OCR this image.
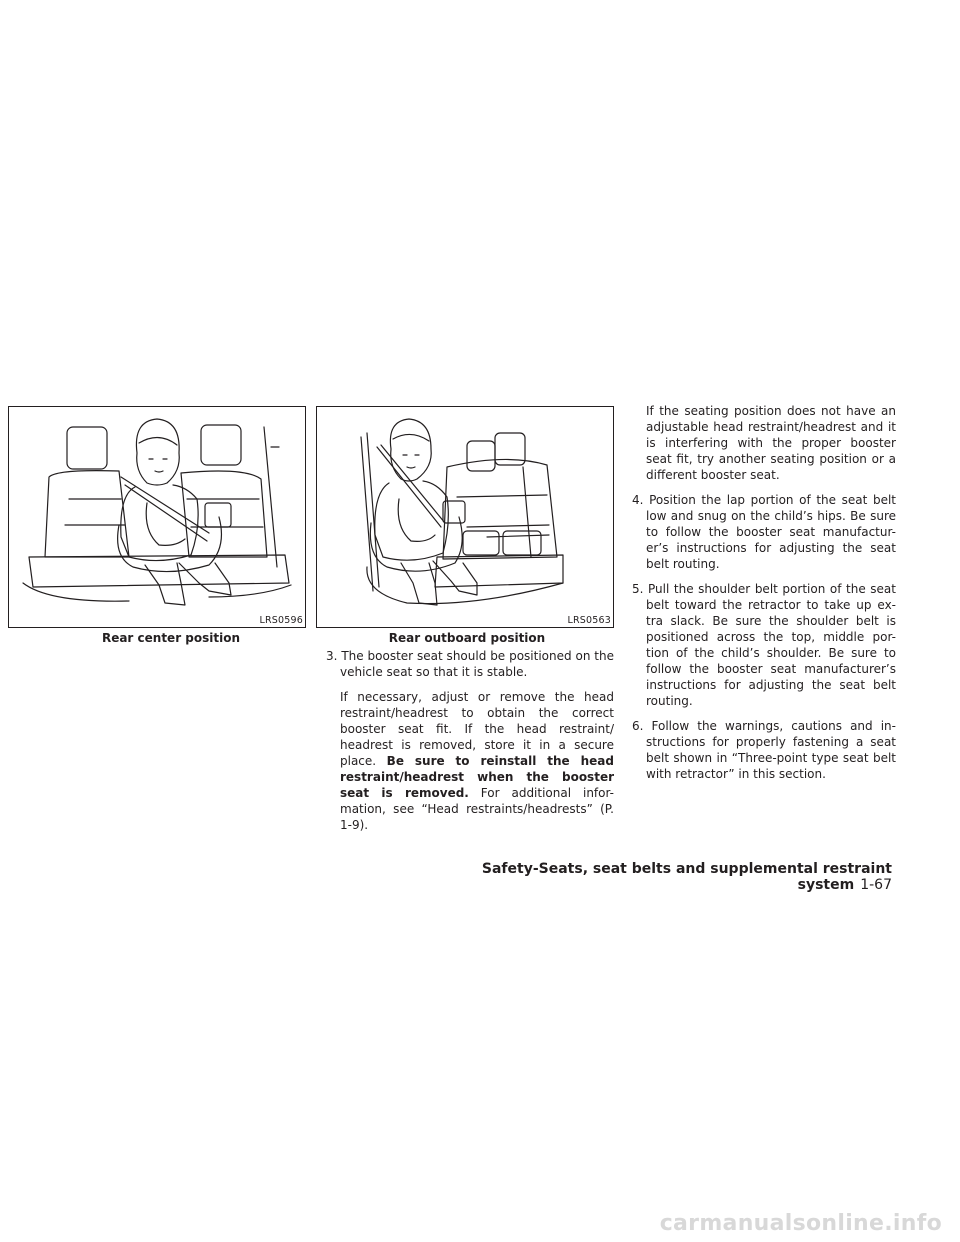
LRS0596
Rear center position
LRS0563
Rear outboard position

3. The booster seat should be positioned on the vehicle seat so that it is stable.

If necessary, adjust or remove the head restraint/headrest to obtain the correct booster seat fit. If the head restraint/ headrest is removed, store it in a secure place. Be sure to reinstall the head restraint/headrest when the booster seat is removed. For additional infor- mation, see “Head restraints/headrests” (P. 1-9).

If the seating position does not have an adjustable head restraint/headrest and it is interfering with the proper booster seat fit, try another seating position or a different booster seat.

4. Position the lap portion of the seat belt low and snug on the child’s hips. Be sure to follow the booster seat manufactur- er’s instructions for adjusting the seat belt routing.

5. Pull the shoulder belt portion of the seat belt toward the retractor to take up ex- tra slack. Be sure the shoulder belt is positioned across the top, middle por- tion of the child’s shoulder. Be sure to follow the booster seat manufacturer’s instructions for adjusting the seat belt routing.

6. Follow the warnings, cautions and in- structions for properly fastening a seat belt shown in “Three-point type seat belt with retractor” in this section.

Safety-Seats, seat belts and supplemental restraint system 1-67
carmanualsonline.info
